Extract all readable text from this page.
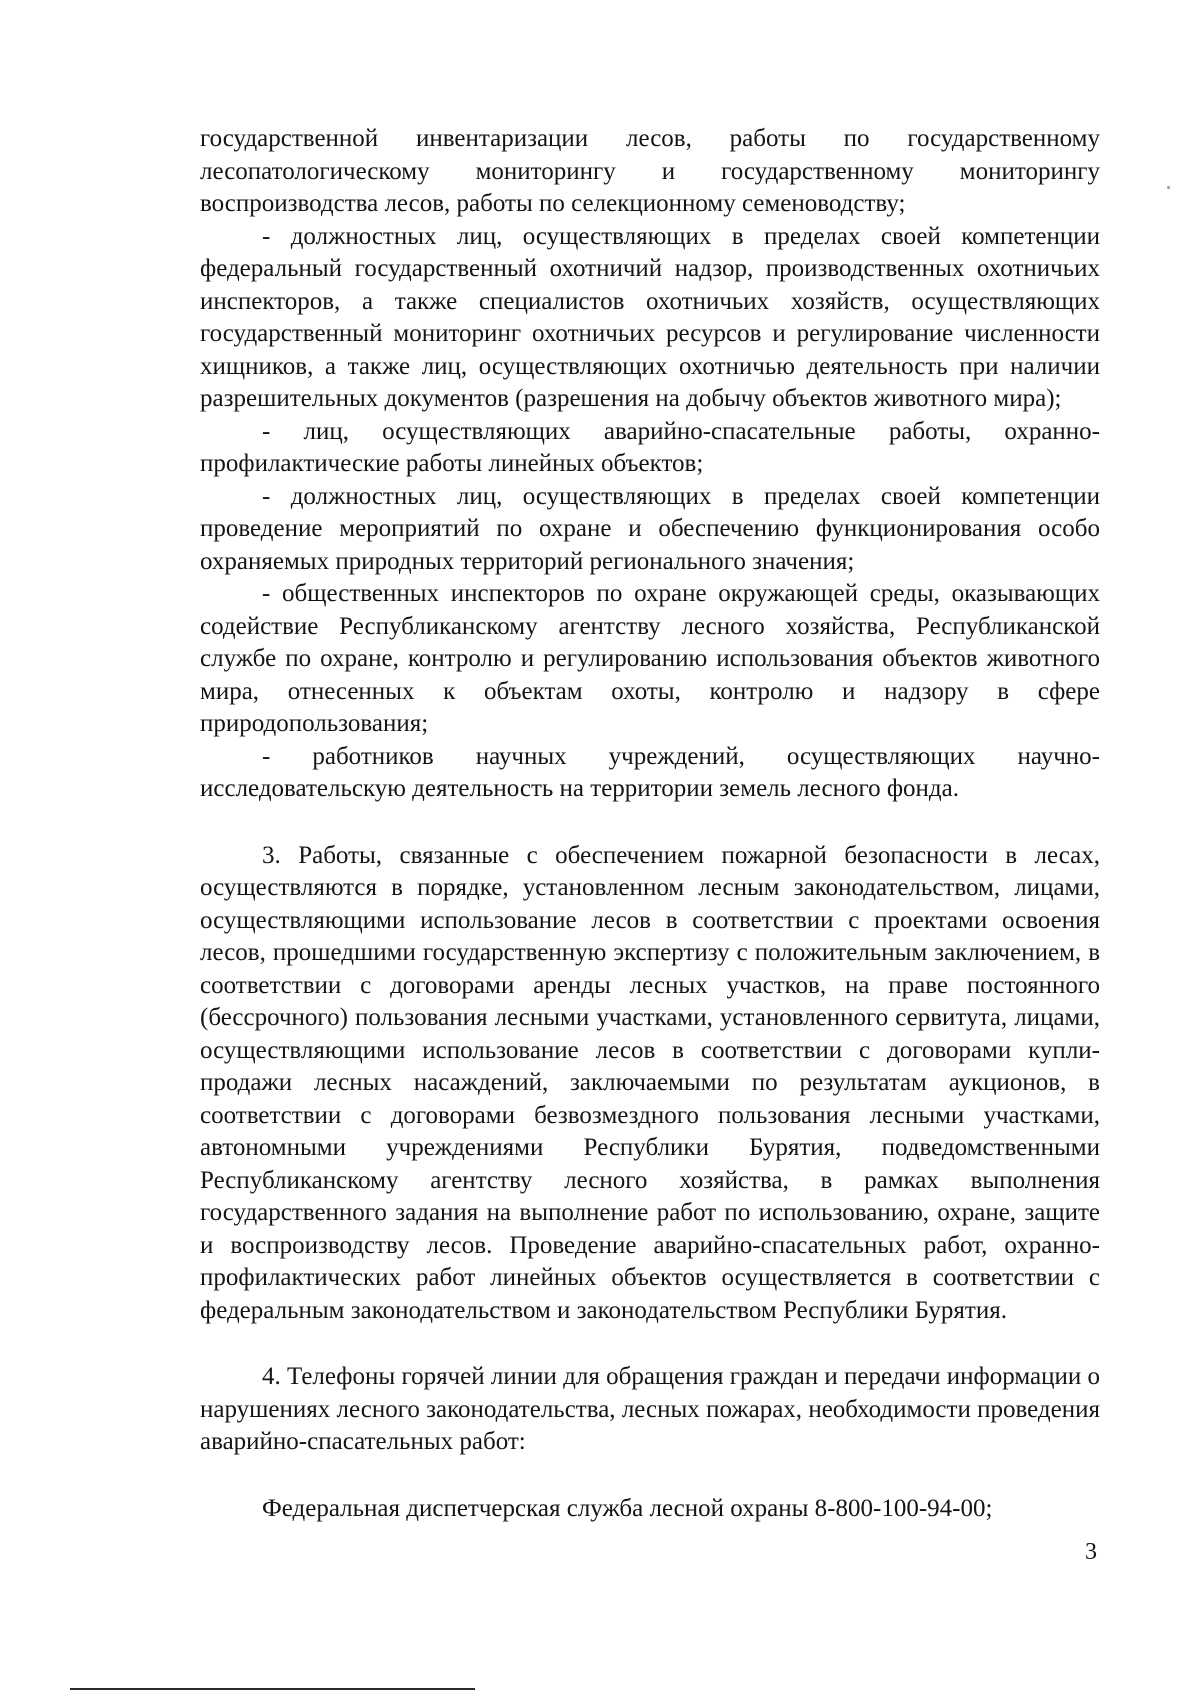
государственной инвентаризации лесов, работы по государственному лесопатологическому мониторингу и государственному мониторингу воспроизводства лесов, работы по селекционному семеноводству;

- должностных лиц, осуществляющих в пределах своей компетенции федеральный государственный охотничий надзор, производственных охотничьих инспекторов, а также специалистов охотничьих хозяйств, осуществляющих государственный мониторинг охотничьих ресурсов и регулирование численности хищников, а также лиц, осуществляющих охотничью деятельность при наличии разрешительных документов (разрешения на добычу объектов животного мира);

- лиц, осуществляющих аварийно-спасательные работы, охранно-профилактические работы линейных объектов;

- должностных лиц, осуществляющих в пределах своей компетенции проведение мероприятий по охране и обеспечению функционирования особо охраняемых природных территорий регионального значения;

- общественных инспекторов по охране окружающей среды, оказывающих содействие Республиканскому агентству лесного хозяйства, Республиканской службе по охране, контролю и регулированию использования объектов животного мира, отнесенных к объектам охоты, контролю и надзору в сфере природопользования;

- работников научных учреждений, осуществляющих научно-исследовательскую деятельность на территории земель лесного фонда.

3. Работы, связанные с обеспечением пожарной безопасности в лесах, осуществляются в порядке, установленном лесным законодательством, лицами, осуществляющими использование лесов в соответствии с проектами освоения лесов, прошедшими государственную экспертизу с положительным заключением, в соответствии с договорами аренды лесных участков, на праве постоянного (бессрочного) пользования лесными участками, установленного сервитута, лицами, осуществляющими использование лесов в соответствии с договорами купли-продажи лесных насаждений, заключаемыми по результатам аукционов, в соответствии с договорами безвозмездного пользования лесными участками, автономными учреждениями Республики Бурятия, подведомственными Республиканскому агентству лесного хозяйства, в рамках выполнения государственного задания на выполнение работ по использованию, охране, защите и воспроизводству лесов. Проведение аварийно-спасательных работ, охранно-профилактических работ линейных объектов осуществляется в соответствии с федеральным законодательством и законодательством Республики Бурятия.

4. Телефоны горячей линии для обращения граждан и передачи информации о нарушениях лесного законодательства, лесных пожарах, необходимости проведения аварийно-спасательных работ:

Федеральная диспетчерская служба лесной охраны 8-800-100-94-00;

3
